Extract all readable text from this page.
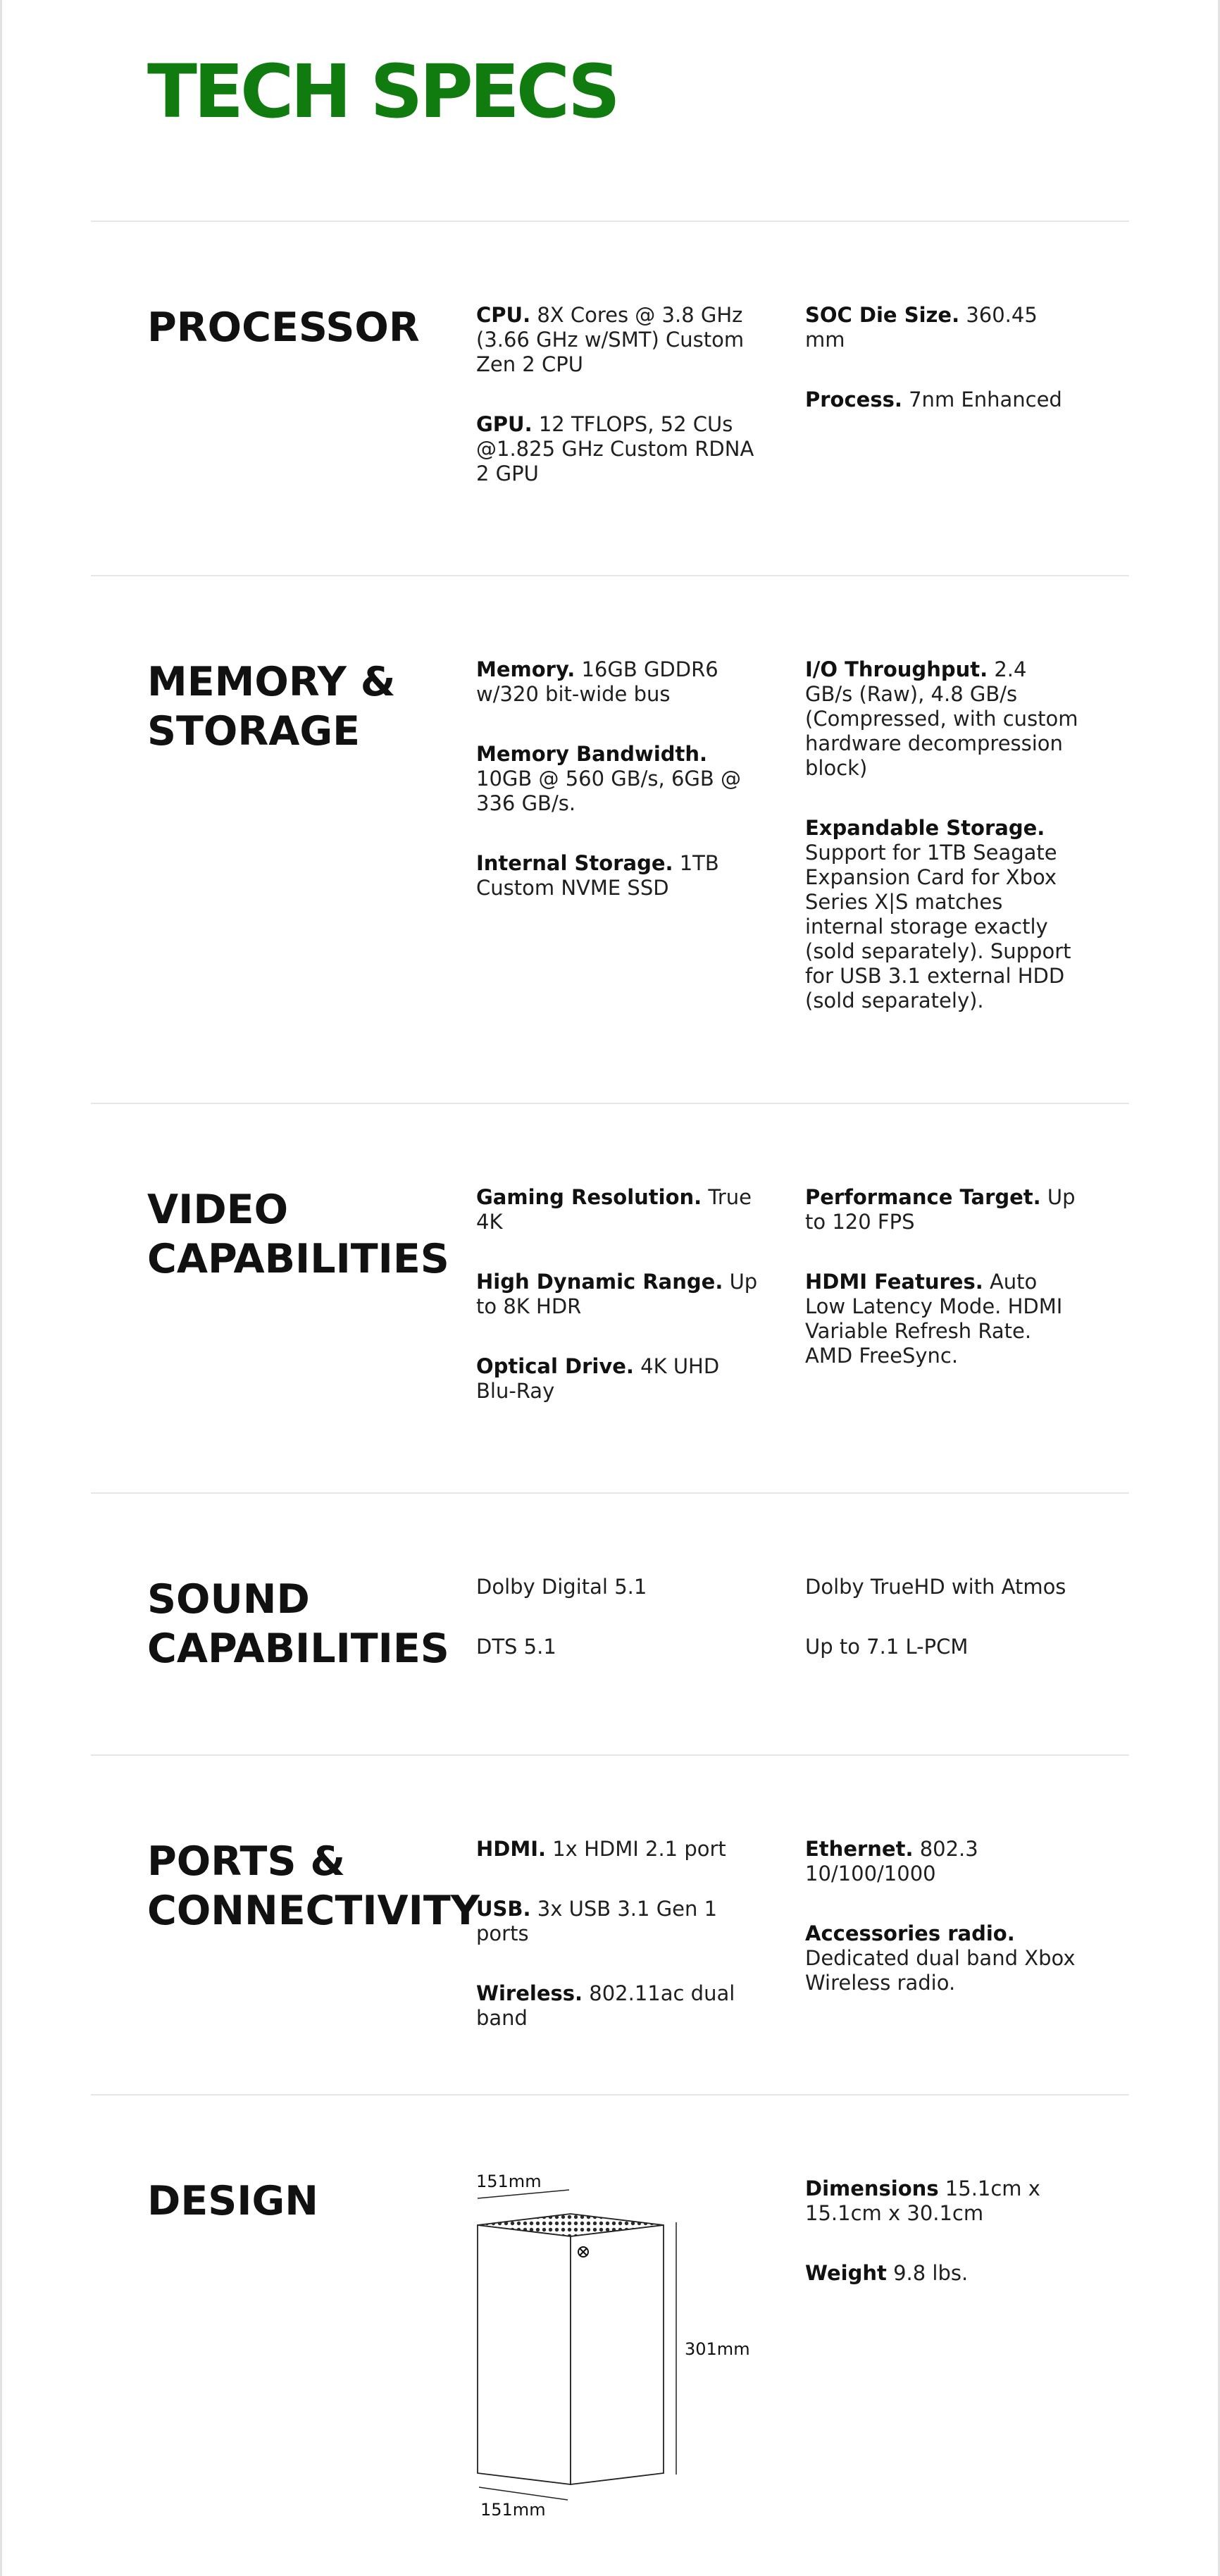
TECH SPECS
PROCESSOR	CPU. 8X Cores @ 3.8 GHz (3.66 GHz w/SMT) Custom Zen 2 CPU

GPU. 12 TFLOPS, 52 CUs @1.825 GHz Custom RDNA 2 GPU

SOC Die Size. 360.45 mm

Process. 7nm Enhanced

MEMORY &
STORAGE

Memory. 16GB GDDR6 w/320 bit-wide bus

Memory Bandwidth. 10GB @ 560 GB/s, 6GB @ 336 GB/s.

Internal Storage. 1TB Custom NVME SSD

I/O Throughput. 2.4 GB/s (Raw), 4.8 GB/s (Compressed, with custom hardware decompression block)

Expandable Storage. Support for 1TB Seagate Expansion Card for Xbox Series X|S matches internal storage exactly (sold separately). Support for USB 3.1 external HDD (sold separately).

VIDEO
CAPABILITIES

Gaming Resolution. True 4K

High Dynamic Range. Up to 8K HDR

Optical Drive. 4K UHD Blu-Ray

Performance Target. Up to 120 FPS

HDMI Features. Auto Low Latency Mode. HDMI Variable Refresh Rate. AMD FreeSync.

SOUND
CAPABILITIES

Dolby Digital 5.1

DTS 5.1

Dolby TrueHD with Atmos

Up to 7.1 L-PCM

PORTS &
CONNECTIVITY

HDMI. 1x HDMI 2.1 port

USB. 3x USB 3.1 Gen 1 ports

Wireless. 802.11ac dual band

Ethernet. 802.3 10/100/1000

Accessories radio. Dedicated dual band Xbox Wireless radio.

DESIGN	Dimensions 15.1cm x 15.1cm x 30.1cm

Weight 9.8 lbs.

151mm
301mm
151mm
